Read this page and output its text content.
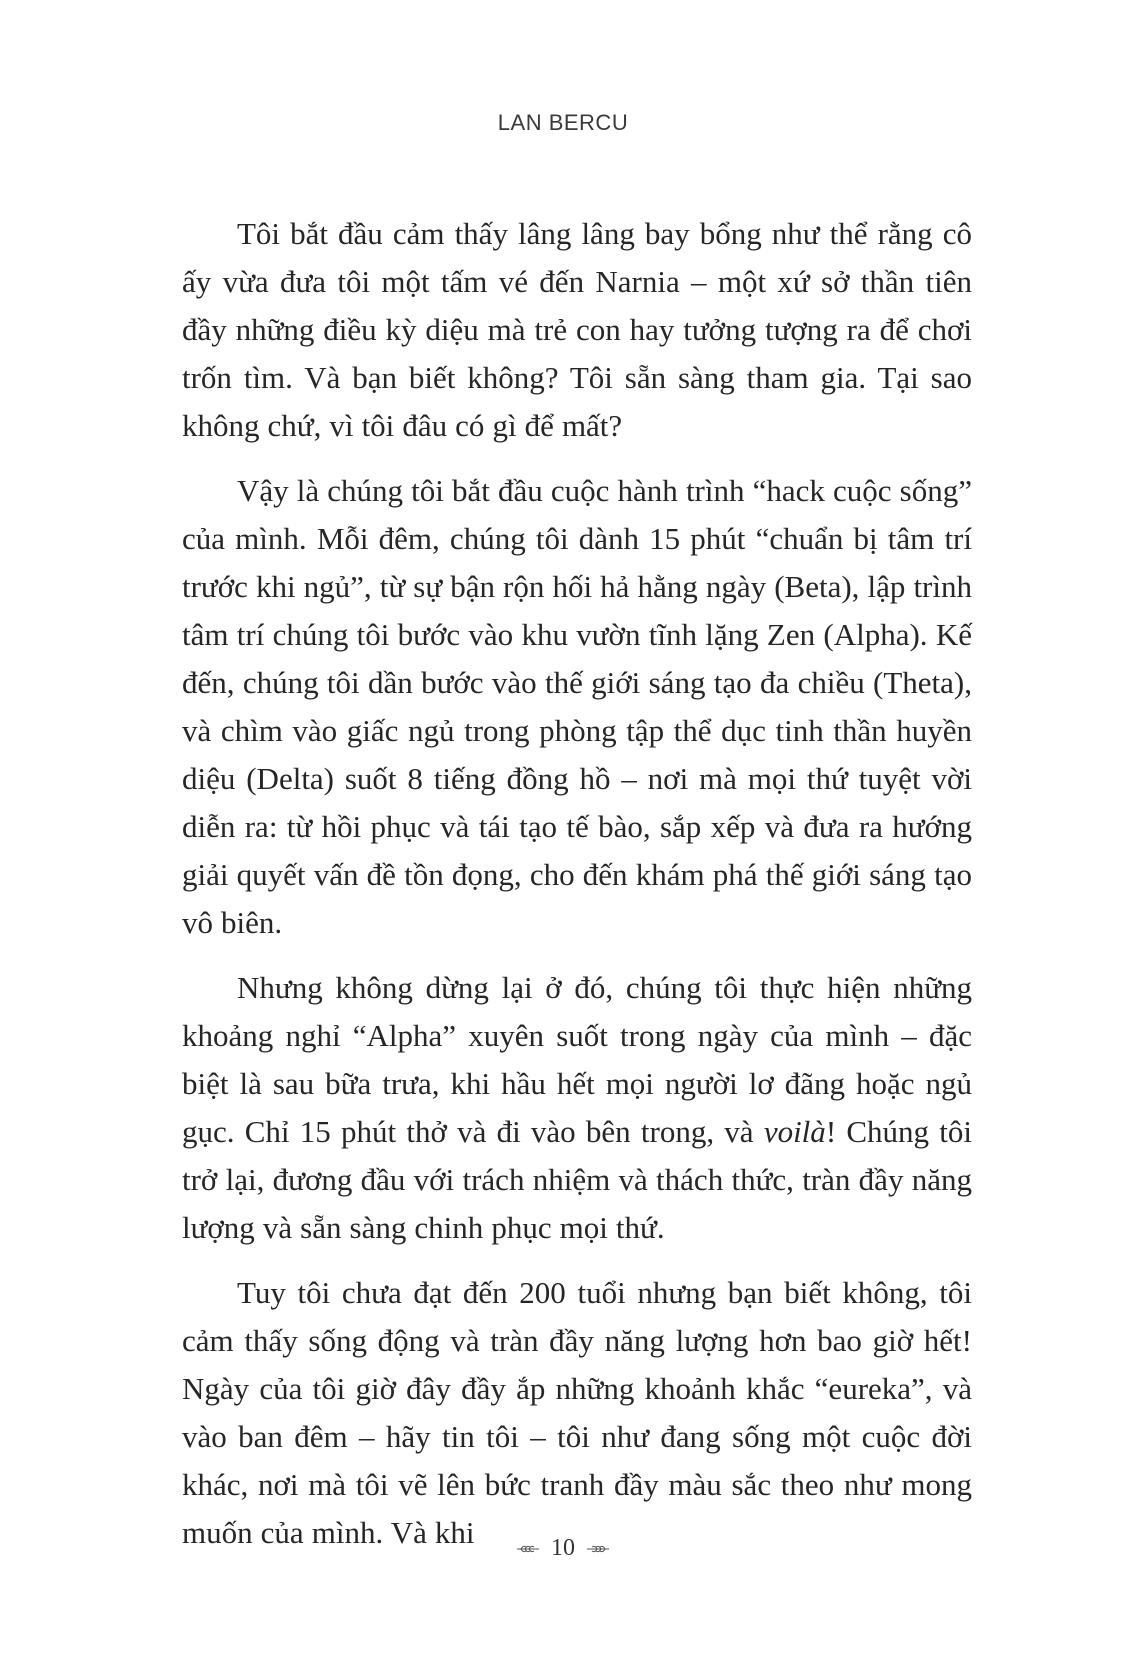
LAN BERCU

Tôi bắt đầu cảm thấy lâng lâng bay bổng như thể rằng cô ấy vừa đưa tôi một tấm vé đến Narnia – một xứ sở thần tiên đầy những điều kỳ diệu mà trẻ con hay tưởng tượng ra để chơi trốn tìm. Và bạn biết không? Tôi sẵn sàng tham gia. Tại sao không chứ, vì tôi đâu có gì để mất?

Vậy là chúng tôi bắt đầu cuộc hành trình “hack cuộc sống” của mình. Mỗi đêm, chúng tôi dành 15 phút “chuẩn bị tâm trí trước khi ngủ”, từ sự bận rộn hối hả hằng ngày (Beta), lập trình tâm trí chúng tôi bước vào khu vườn tĩnh lặng Zen (Alpha). Kế đến, chúng tôi dần bước vào thế giới sáng tạo đa chiều (Theta), và chìm vào giấc ngủ trong phòng tập thể dục tinh thần huyền diệu (Delta) suốt 8 tiếng đồng hồ – nơi mà mọi thứ tuyệt vời diễn ra: từ hồi phục và tái tạo tế bào, sắp xếp và đưa ra hướng giải quyết vấn đề tồn đọng, cho đến khám phá thế giới sáng tạo vô biên.

Nhưng không dừng lại ở đó, chúng tôi thực hiện những khoảng nghỉ “Alpha” xuyên suốt trong ngày của mình – đặc biệt là sau bữa trưa, khi hầu hết mọi người lơ đãng hoặc ngủ gục. Chỉ 15 phút thở và đi vào bên trong, và voilà! Chúng tôi trở lại, đương đầu với trách nhiệm và thách thức, tràn đầy năng lượng và sẵn sàng chinh phục mọi thứ.

Tuy tôi chưa đạt đến 200 tuổi nhưng bạn biết không, tôi cảm thấy sống động và tràn đầy năng lượng hơn bao giờ hết! Ngày của tôi giờ đây đầy ắp những khoảnh khắc “eureka”, và vào ban đêm – hãy tin tôi – tôi như đang sống một cuộc đời khác, nơi mà tôi vẽ lên bức tranh đầy màu sắc theo như mong muốn của mình. Và khi	10
